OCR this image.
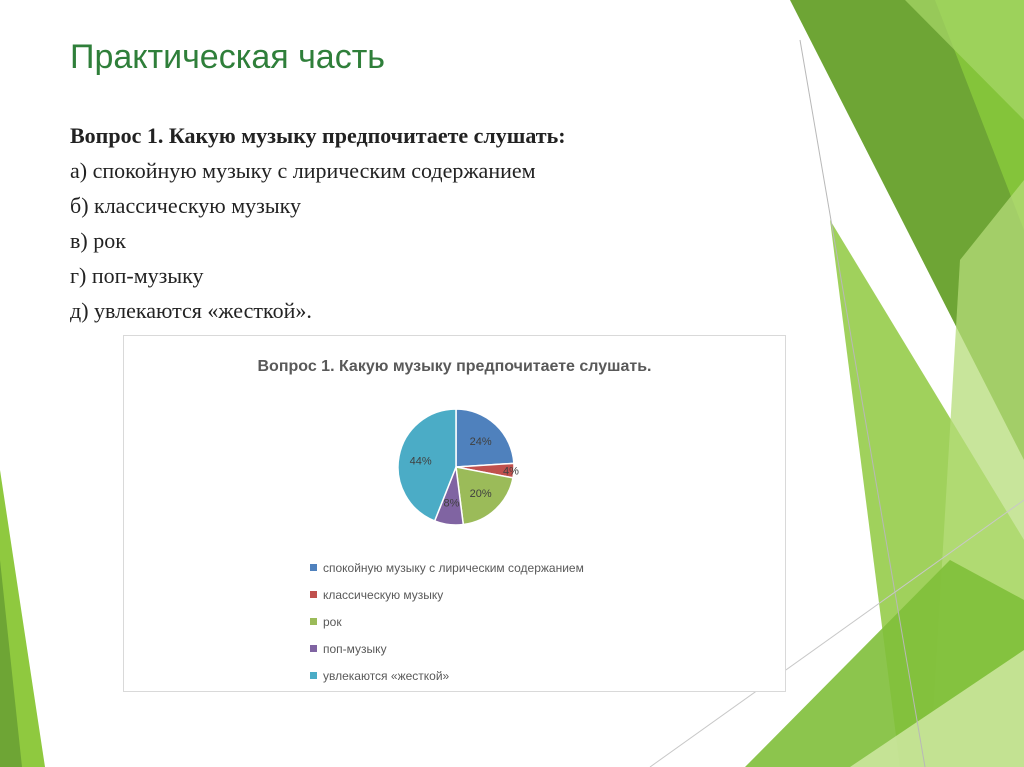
Практическая часть
Вопрос 1. Какую музыку предпочитаете слушать:
а) спокойную музыку с лирическим содержанием
б) классическую музыку
в) рок
г) поп-музыку
д) увлекаются «жесткой».
Вопрос 1. Какую музыку предпочитаете слушать.
24%
4%
20%
8%
44%
спокойную музыку с лирическим содержанием
классическую музыку
рок
поп-музыку
увлекаются «жесткой»
